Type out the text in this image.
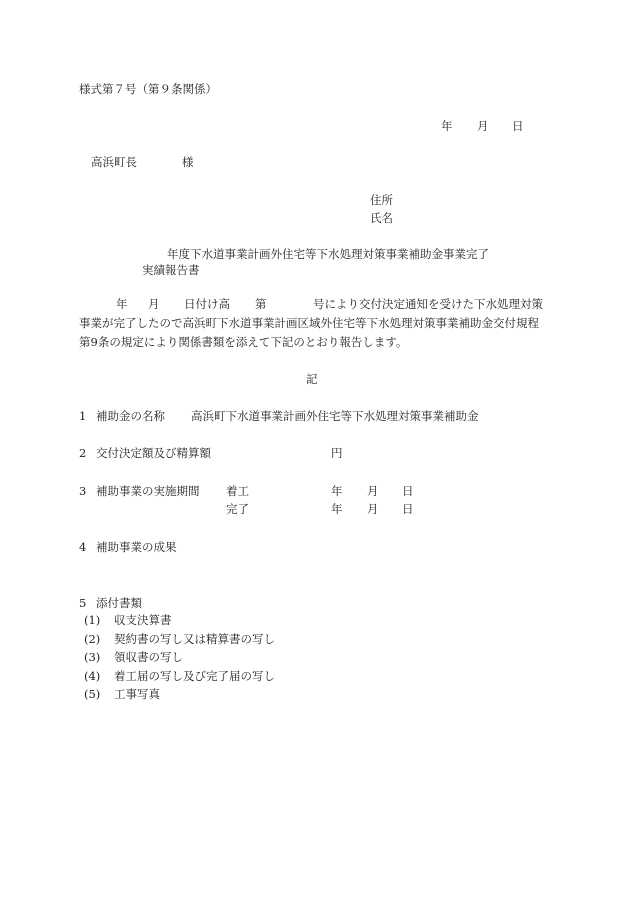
様式第７号（第９条関係）
年 月 日
高浜町長	様
住所
氏名
年度下水道事業計画外住宅等下水処理対策事業補助金事業完了
実績報告書
年 月 日付け高 第	号により交付決定通知を受けた下水処理対策
事業が完了したので高浜町下水道事業計画区域外住宅等下水処理対策事業補助金交付規程
第9条の規定により関係書類を添えて下記のとおり報告します。
記
1 補助金の名称 高浜町下水道事業計画外住宅等下水処理対策事業補助金
2 交付決定額及び精算額	円
3 補助事業の実施期間 着工	年 月 日
完了	年 月 日
4 補助事業の成果
5 添付書類
(1) 収支決算書
(2) 契約書の写し又は精算書の写し
(3) 領収書の写し
(4) 着工届の写し及び完了届の写し
(5) 工事写真
